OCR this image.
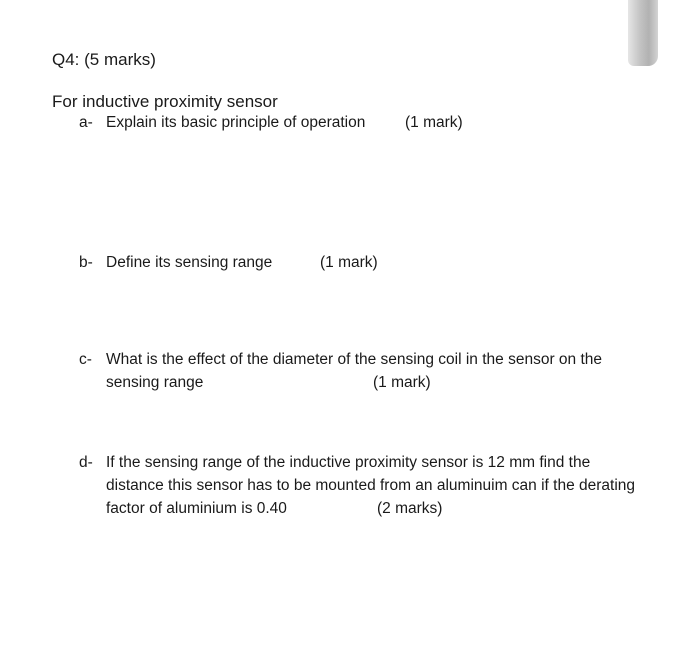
Q4: (5 marks)
For inductive proximity sensor
a- Explain its basic principle of operation	(1 mark)
b- Define its sensing range	(1 mark)
c- What is the effect of the diameter of the sensing coil in the sensor on the
sensing range	(1 mark)
d- If the sensing range of the inductive proximity sensor is 12 mm find the
distance this sensor has to be mounted from an aluminuim can if the derating
factor of aluminium is 0.40	(2 marks)
